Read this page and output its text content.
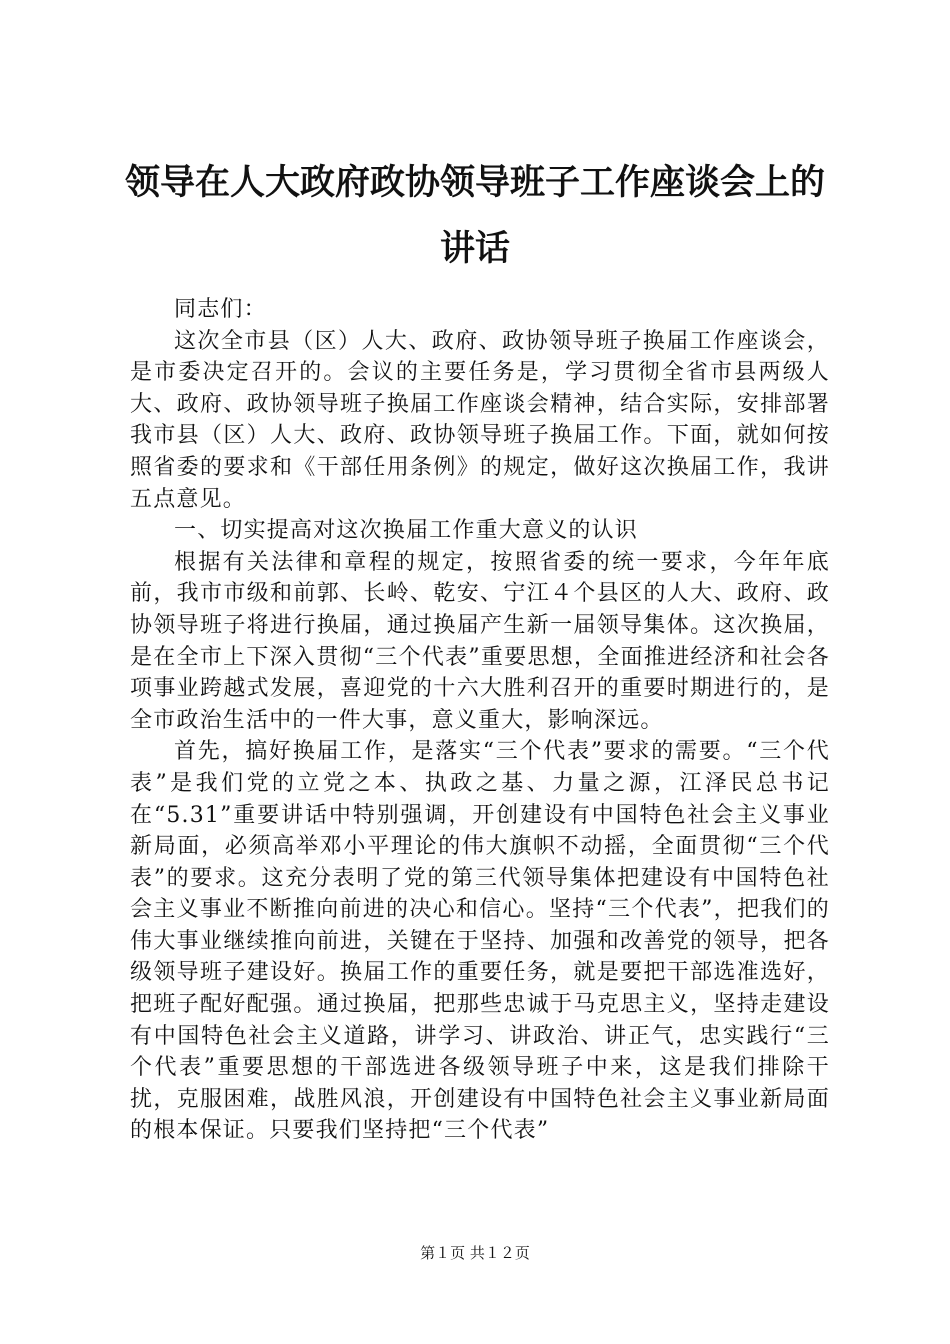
领导在人大政府政协领导班子工作座谈会上的
讲话

同志们：

这次全市县（区）人大、政府、政协领导班子换届工作座谈会，是市委决定召开的。会议的主要任务是，学习贯彻全省市县两级人大、政府、政协领导班子换届工作座谈会精神，结合实际，安排部署我市县（区）人大、政府、政协领导班子换届工作。下面，就如何按照省委的要求和《干部任用条例》的规定，做好这次换届工作，我讲五点意见。

一、切实提高对这次换届工作重大意义的认识

根据有关法律和章程的规定，按照省委的统一要求，今年年底前，我市市级和前郭、长岭、乾安、宁江４个县区的人大、政府、政协领导班子将进行换届，通过换届产生新一届领导集体。这次换届，是在全市上下深入贯彻“三个代表”重要思想，全面推进经济和社会各项事业跨越式发展，喜迎党的十六大胜利召开的重要时期进行的，是全市政治生活中的一件大事，意义重大，影响深远。

首先，搞好换届工作，是落实“三个代表”要求的需要。“三个代表”是我们党的立党之本、执政之基、力量之源，江泽民总书记在“5.31”重要讲话中特别强调，开创建设有中国特色社会主义事业新局面，必须高举邓小平理论的伟大旗帜不动摇，全面贯彻“三个代表”的要求。这充分表明了党的第三代领导集体把建设有中国特色社会主义事业不断推向前进的决心和信心。坚持“三个代表”，把我们的伟大事业继续推向前进，关键在于坚持、加强和改善党的领导，把各级领导班子建设好。换届工作的重要任务，就是要把干部选准选好，把班子配好配强。通过换届，把那些忠诚于马克思主义，坚持走建设有中国特色社会主义道路，讲学习、讲政治、讲正气，忠实践行“三个代表”重要思想的干部选进各级领导班子中来，这是我们排除干扰，克服困难，战胜风浪，开创建设有中国特色社会主义事业新局面的根本保证。只要我们坚持把“三个代表”

第１页 共１２页
